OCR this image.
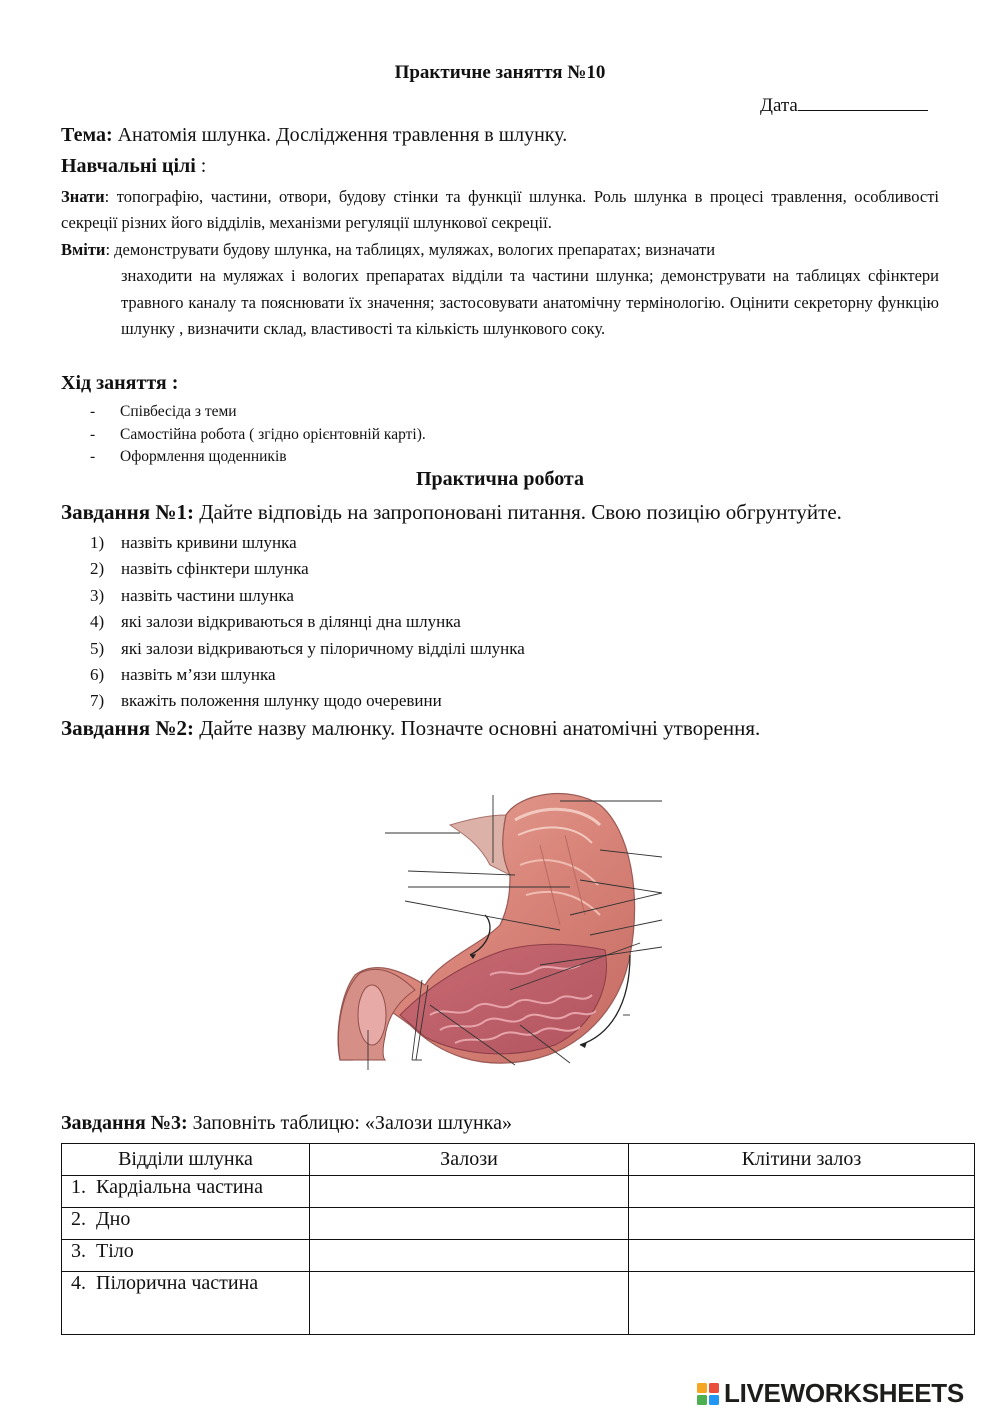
Практичне заняття №10
Дата
Тема: Анатомія шлунка. Дослідження травлення в шлунку.
Навчальні цілі :
Знати: топографію, частини, отвори, будову стінки та функції шлунка. Роль шлунка в процесі травлення, особливості секреції різних його відділів, механізми регуляції шлункової секреції.
Вміти: демонструвати будову шлунка, на таблицях, муляжах, вологих препаратах; визначати
знаходити на муляжах і вологих препаратах відділи та частини шлунка; демонструвати на таблицях сфінктери травного каналу та пояснювати їх значення; застосовувати анатомічну термінологію. Оцінити секреторну функцію шлунку , визначити склад, властивості та кількість шлункового соку.
Хід заняття :
- Співбесіда з теми
- Самостійна робота ( згідно орієнтовній карті).
- Оформлення щоденників
Практична робота
Завдання №1: Дайте відповідь на запропоновані питання. Свою позицію обгрунтуйте.
1) назвіть кривини шлунка
2) назвіть сфінктери шлунка
3) назвіть частини шлунка
4) які залози відкриваються в ділянці дна шлунка
5) які залози відкриваються у пілоричному відділі шлунка
6) назвіть м’язи шлунка
7) вкажіть положення шлунку щодо очеревини
Завдання №2: Дайте назву малюнку. Позначте основні анатомічні утворення.
Завдання №3: Заповніть таблицю: «Залози шлунка»
Відділи шлунка	Залози	Клітини залоз
1. Кардіальна частина		
2. Дно		
3. Тіло		
4. Пілорична частина		
LIVEWORKSHEETS
